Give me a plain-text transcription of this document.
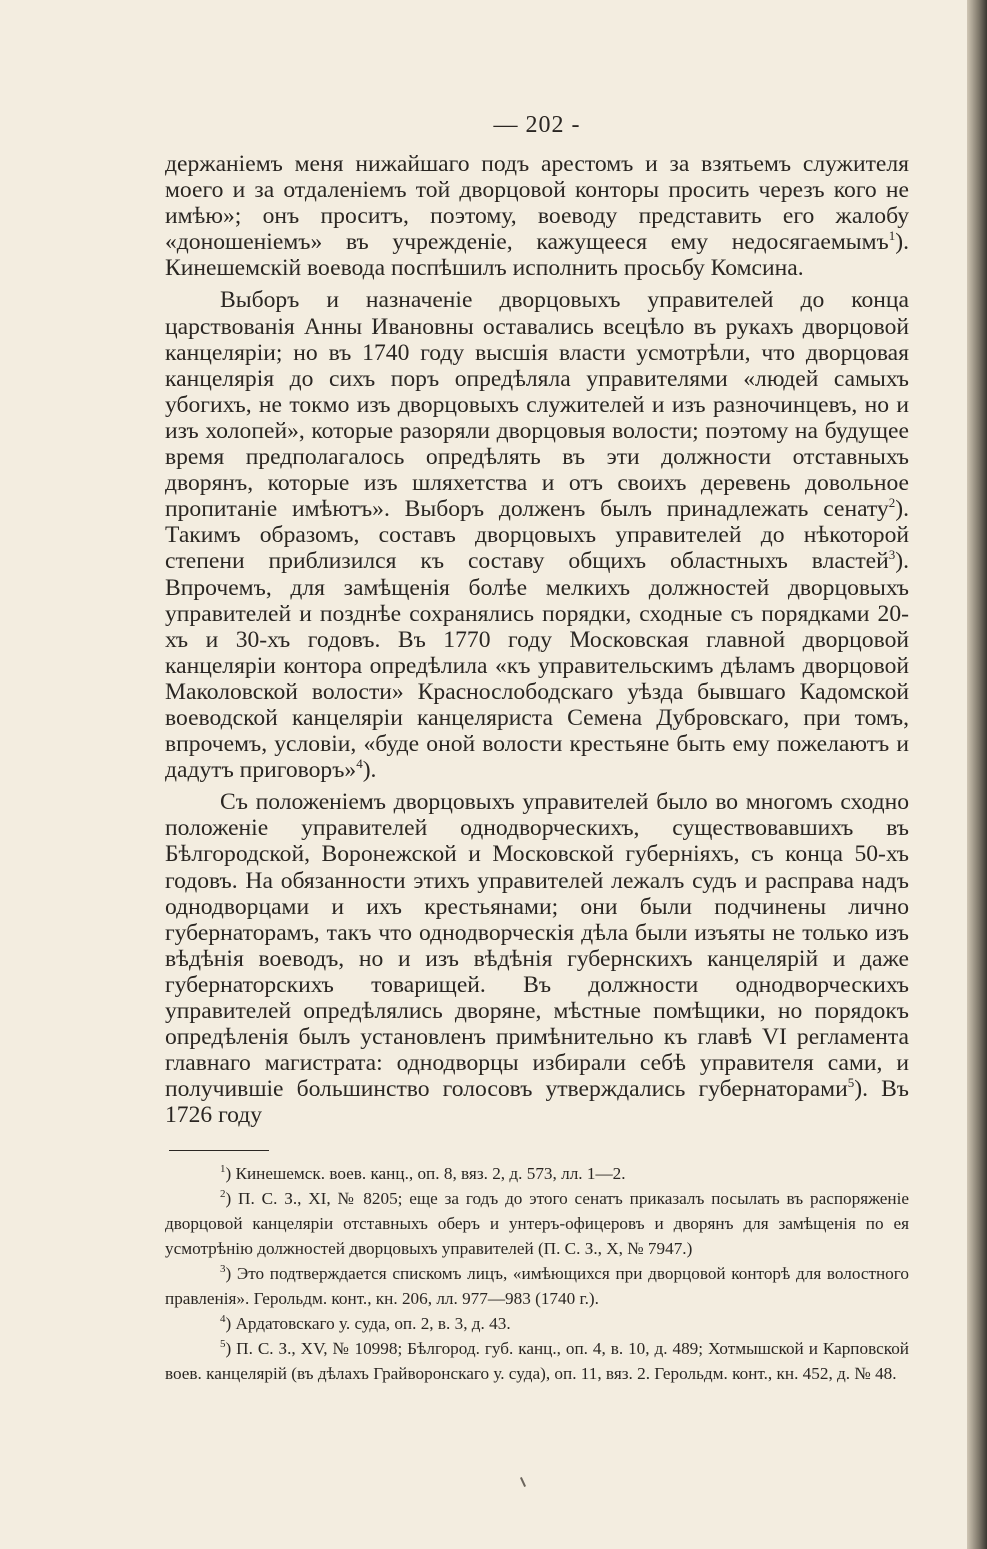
— 202 -

держаніемъ меня нижайшаго подъ арестомъ и за взятьемъ служителя моего и за отдаленіемъ той дворцовой конторы просить черезъ кого не имѣю»; онъ проситъ, поэтому, воеводу представить его жалобу «доношеніемъ» въ учрежденіе, кажущееся ему недосягаемымъ$^1$). Кинешемскій воевода поспѣшилъ исполнить просьбу Комсина.

Выборъ и назначеніе дворцовыхъ управителей до конца царствованія Анны Ивановны оставались всецѣло въ рукахъ дворцовой канцеляріи; но въ 1740 году высшія власти усмотрѣли, что дворцовая канцелярія до сихъ поръ опредѣляла управителями «людей самыхъ убогихъ, не токмо изъ дворцовыхъ служителей и изъ разночинцевъ, но и изъ холопей», которые разоряли дворцовыя волости; поэтому на будущее время предполагалось опредѣлять въ эти должности отставныхъ дворянъ, которые изъ шляхетства и отъ своихъ деревень довольное пропитаніе имѣютъ». Выборъ долженъ былъ принадлежать сенату$^2$). Такимъ образомъ, составъ дворцовыхъ управителей до нѣкоторой степени приблизился къ составу общихъ областныхъ властей$^3$). Впрочемъ, для замѣщенія болѣе мелкихъ должностей дворцовыхъ управителей и позднѣе сохранялись порядки, сходные съ порядками 20-хъ и 30-хъ годовъ. Въ 1770 году Московская главной дворцовой канцеляріи контора опредѣлила «къ управительскимъ дѣламъ дворцовой Маколовской волости» Краснослободскаго уѣзда бывшаго Кадомской воеводской канцеляріи канцеляриста Семена Дубровскаго, при томъ, впрочемъ, условіи, «буде оной волости крестьяне быть ему пожелаютъ и дадутъ приговоръ»$^4$).

Съ положеніемъ дворцовыхъ управителей было во многомъ сходно положеніе управителей однодворческихъ, существовавшихъ въ Бѣлгородской, Воронежской и Московской губерніяхъ, съ конца 50-хъ годовъ. На обязанности этихъ управителей лежалъ судъ и расправа надъ однодворцами и ихъ крестьянами; они были подчинены лично губернаторамъ, такъ что однодворческія дѣла были изъяты не только изъ вѣдѣнія воеводъ, но и изъ вѣдѣнія губернскихъ канцелярій и даже губернаторскихъ товарищей. Въ должности однодворческихъ управителей опредѣлялись дворяне, мѣстные помѣщики, но порядокъ опредѣленія былъ установленъ примѣнительно къ главѣ VI регламента главнаго магистрата: однодворцы избирали себѣ управителя сами, и получившіе большинство голосовъ утверждались губернаторами$^5$). Въ 1726 году

$^1$) Кинешемск. воев. канц., оп. 8, вяз. 2, д. 573, лл. 1—2.

$^2$) П. С. З., XI, № 8205; еще за годъ до этого сенатъ приказалъ посылать въ распоряженіе дворцовой канцеляріи отставныхъ оберъ и унтеръ-офицеровъ и дворянъ для замѣщенія по ея усмотрѣнію должностей дворцовыхъ управителей (П. С. З., X, № 7947.)

$^3$) Это подтверждается спискомъ лицъ, «имѣющихся при дворцовой конторѣ для волостного правленія». Герольдм. конт., кн. 206, лл. 977—983 (1740 г.).

$^4$) Ардатовскаго у. суда, оп. 2, в. 3, д. 43.

$^5$) П. С. З., XV, № 10998; Бѣлгород. губ. канц., оп. 4, в. 10, д. 489; Хотмышской и Карповской воев. канцелярій (въ дѣлахъ Грайворонскаго у. суда), оп. 11, вяз. 2. Герольдм. конт., кн. 452, д. № 48.
